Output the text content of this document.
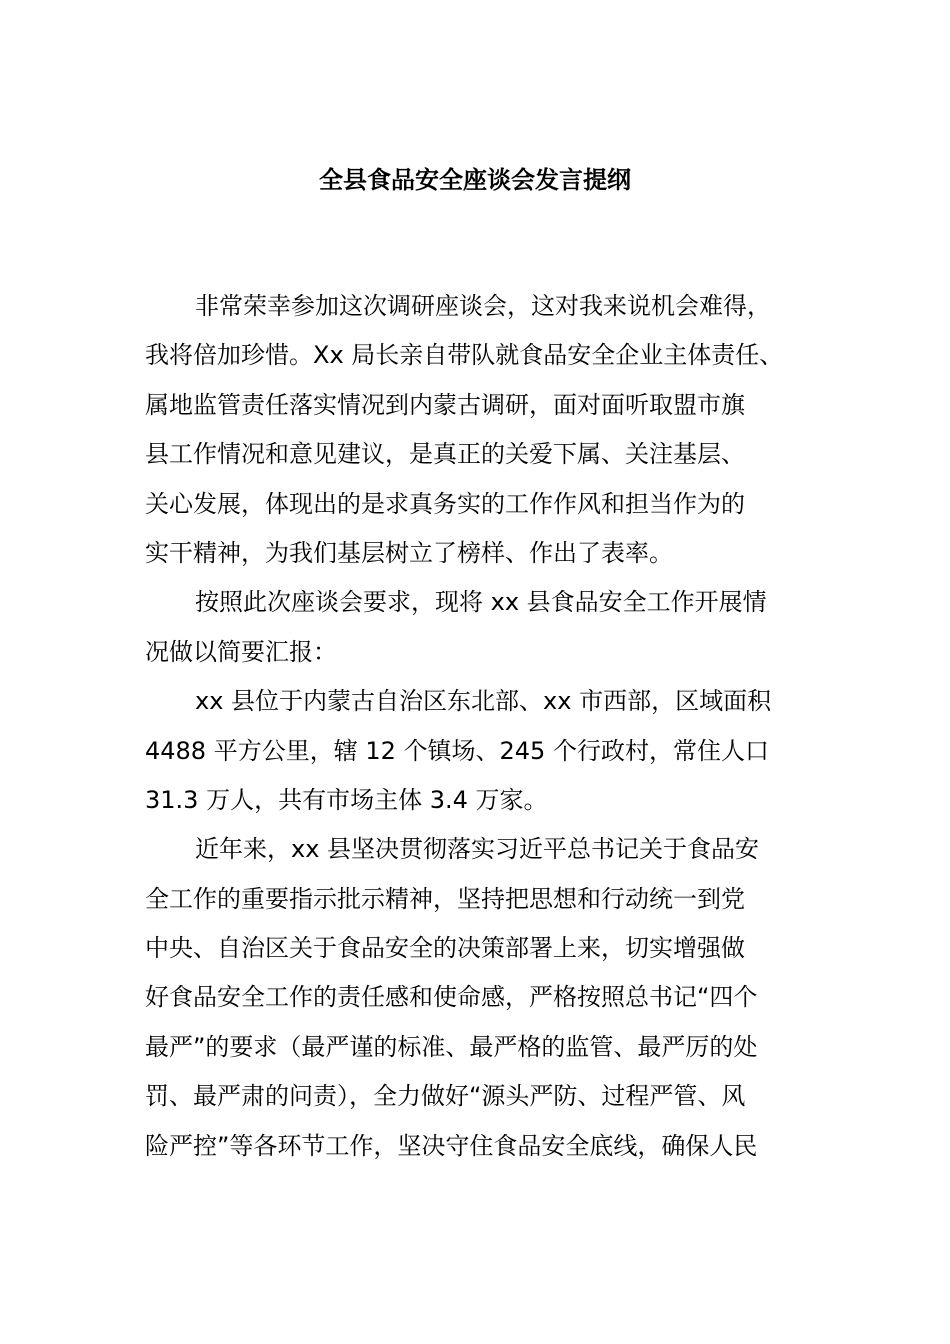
全县食品安全座谈会发言提纲
非常荣幸参加这次调研座谈会，这对我来说机会难得，
我将倍加珍惜。Xx 局长亲自带队就食品安全企业主体责任、
属地监管责任落实情况到内蒙古调研，面对面听取盟市旗
县工作情况和意见建议，是真正的关爱下属、关注基层、
关心发展，体现出的是求真务实的工作作风和担当作为的
实干精神，为我们基层树立了榜样、作出了表率。
按照此次座谈会要求，现将 xx 县食品安全工作开展情
况做以简要汇报：
xx 县位于内蒙古自治区东北部、xx 市西部，区域面积
4488 平方公里，辖 12 个镇场、245 个行政村，常住人口
31.3 万人，共有市场主体 3.4 万家。
近年来，xx 县坚决贯彻落实习近平总书记关于食品安
全工作的重要指示批示精神，坚持把思想和行动统一到党
中央、自治区关于食品安全的决策部署上来，切实增强做
好食品安全工作的责任感和使命感，严格按照总书记“四个
最严”的要求（最严谨的标准、最严格的监管、最严厉的处
罚、最严肃的问责），全力做好“源头严防、过程严管、风
险严控”等各环节工作，坚决守住食品安全底线，确保人民
